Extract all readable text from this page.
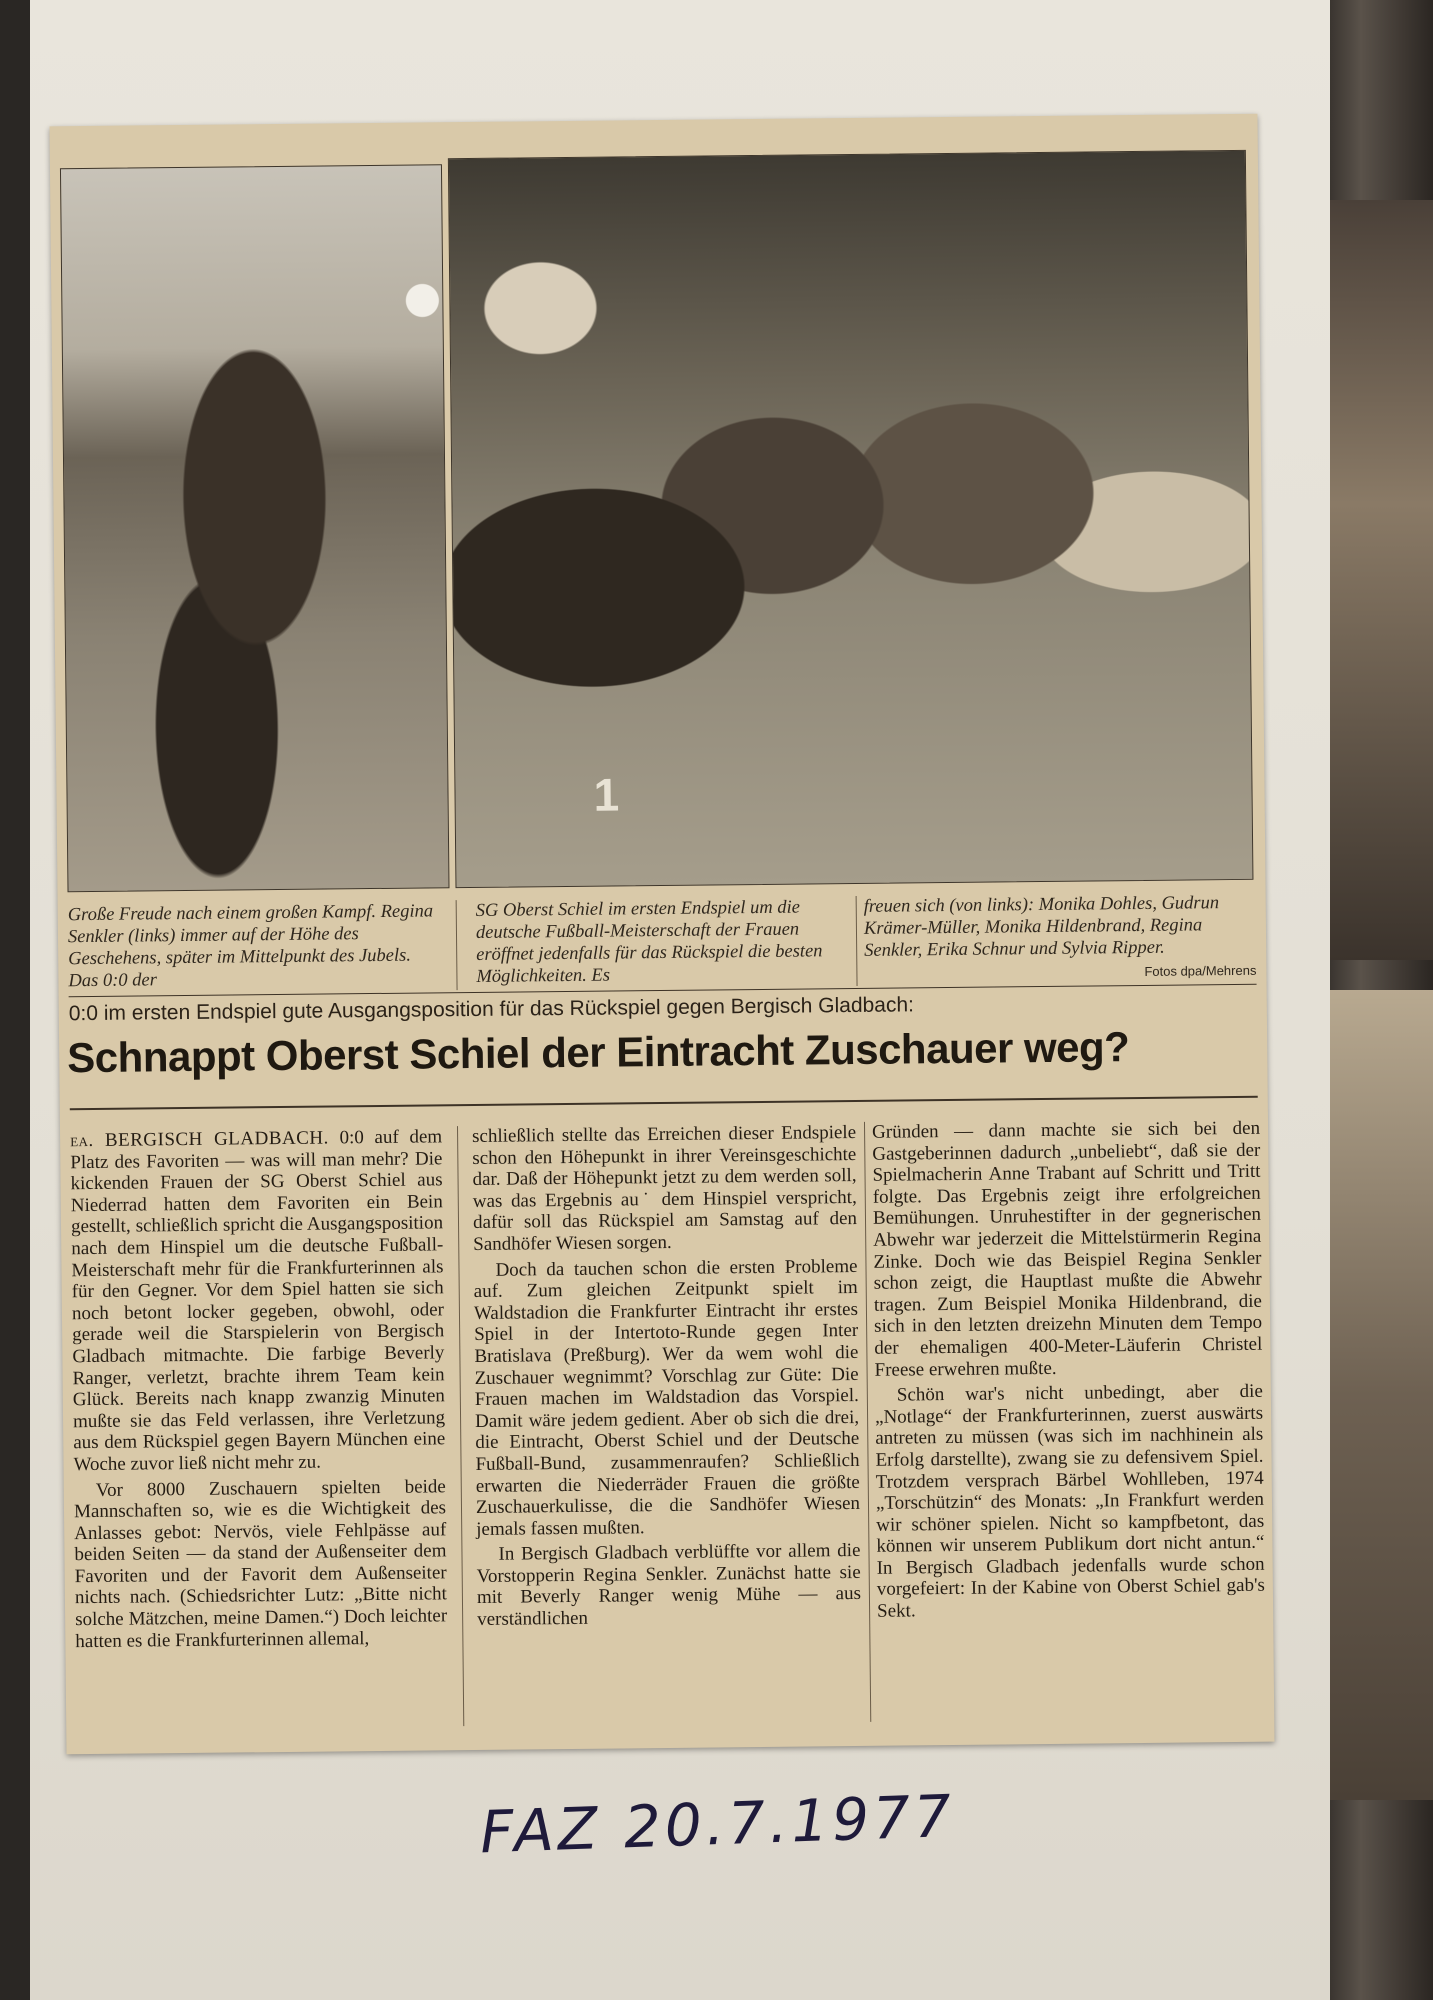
1
Große Freude nach einem großen Kampf. Regina Senkler (links) immer auf der Höhe des Geschehens, später im Mittelpunkt des Jubels. Das 0:0 der
SG Oberst Schiel im ersten Endspiel um die deutsche Fußball-Meisterschaft der Frauen eröffnet jedenfalls für das Rückspiel die besten Möglichkeiten. Es
freuen sich (von links): Monika Dohles, Gudrun Krämer-Müller, Monika Hildenbrand, Regina Senkler, Erika Schnur und Sylvia Ripper.
Fotos dpa/Mehrens
0:0 im ersten Endspiel gute Ausgangsposition für das Rückspiel gegen Bergisch Gladbach:
Schnappt Oberst Schiel der Eintracht Zuschauer weg?

ea. BERGISCH GLADBACH. 0:0 auf dem Platz des Favoriten — was will man mehr? Die kickenden Frauen der SG Oberst Schiel aus Niederrad hatten dem Favoriten ein Bein gestellt, schließlich spricht die Ausgangsposition nach dem Hinspiel um die deutsche Fußball-Meisterschaft mehr für die Frankfurterinnen als für den Gegner. Vor dem Spiel hatten sie sich noch betont locker gegeben, obwohl, oder gerade weil die Starspielerin von Bergisch Gladbach mitmachte. Die farbige Beverly Ranger, verletzt, brachte ihrem Team kein Glück. Bereits nach knapp zwanzig Minuten mußte sie das Feld verlassen, ihre Verletzung aus dem Rückspiel gegen Bayern München eine Woche zuvor ließ nicht mehr zu.

Vor 8000 Zuschauern spielten beide Mannschaften so, wie es die Wichtigkeit des Anlasses gebot: Nervös, viele Fehlpässe auf beiden Seiten — da stand der Außenseiter dem Favoriten und der Favorit dem Außenseiter nichts nach. (Schiedsrichter Lutz: „Bitte nicht solche Mätzchen, meine Damen.“) Doch leichter hatten es die Frankfurterinnen allemal,

schließlich stellte das Erreichen dieser Endspiele schon den Höhepunkt in ihrer Vereinsgeschichte dar. Daß der Höhepunkt jetzt zu dem werden soll, was das Ergebnis au˙ dem Hinspiel verspricht, dafür soll das Rückspiel am Samstag auf den Sandhöfer Wiesen sorgen.

Doch da tauchen schon die ersten Probleme auf. Zum gleichen Zeitpunkt spielt im Waldstadion die Frankfurter Eintracht ihr erstes Spiel in der Intertoto-Runde gegen Inter Bratislava (Preßburg). Wer da wem wohl die Zuschauer wegnimmt? Vorschlag zur Güte: Die Frauen machen im Waldstadion das Vorspiel. Damit wäre jedem gedient. Aber ob sich die drei, die Eintracht, Oberst Schiel und der Deutsche Fußball-Bund, zusammenraufen? Schließlich erwarten die Niederräder Frauen die größte Zuschauerkulisse, die die Sandhöfer Wiesen jemals fassen mußten.

In Bergisch Gladbach verblüffte vor allem die Vorstopperin Regina Senkler. Zunächst hatte sie mit Beverly Ranger wenig Mühe — aus verständlichen

Gründen — dann machte sie sich bei den Gastgeberinnen dadurch „unbeliebt“, daß sie der Spielmacherin Anne Trabant auf Schritt und Tritt folgte. Das Ergebnis zeigt ihre erfolgreichen Bemühungen. Unruhestifter in der gegnerischen Abwehr war jederzeit die Mittelstürmerin Regina Zinke. Doch wie das Beispiel Regina Senkler schon zeigt, die Hauptlast mußte die Abwehr tragen. Zum Beispiel Monika Hildenbrand, die sich in den letzten dreizehn Minuten dem Tempo der ehemaligen 400-Meter-Läuferin Christel Freese erwehren mußte.

Schön war's nicht unbedingt, aber die „Notlage“ der Frankfurterinnen, zuerst auswärts antreten zu müssen (was sich im nachhinein als Erfolg darstellte), zwang sie zu defensivem Spiel. Trotzdem versprach Bärbel Wohlleben, 1974 „Torschützin“ des Monats: „In Frankfurt werden wir schöner spielen. Nicht so kampfbetont, das können wir unserem Publikum dort nicht antun.“ In Bergisch Gladbach jedenfalls wurde schon vorgefeiert: In der Kabine von Oberst Schiel gab's Sekt.

FAZ 20.7.1977
